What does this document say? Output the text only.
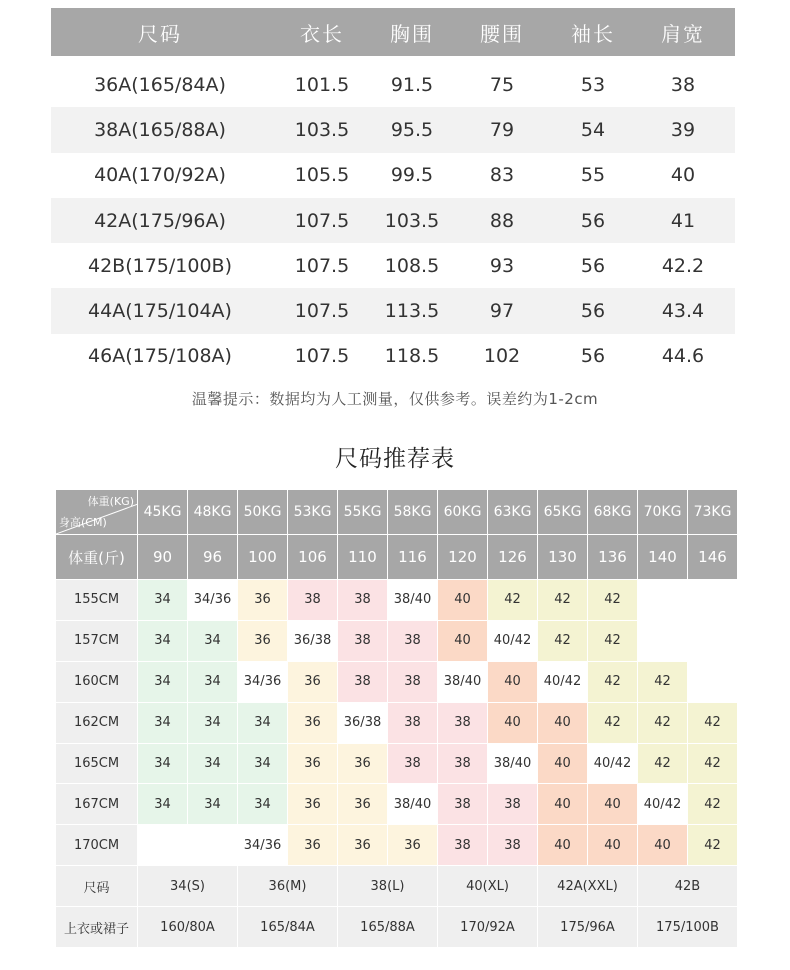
尺码	衣长	胸围	腰围	袖长	肩宽
36A(165/84A)	101.5	91.5	75	53	38
38A(165/88A)	103.5	95.5	79	54	39
40A(170/92A)	105.5	99.5	83	55	40
42A(175/96A)	107.5	103.5	88	56	41
42B(175/100B)	107.5	108.5	93	56	42.2
44A(175/104A)	107.5	113.5	97	56	43.4
46A(175/108A)	107.5	118.5	102	56	44.6
温馨提示：数据均为人工测量，仅供参考。误差约为1-2cm
尺码推荐表
体重(KG)
身高(CM)	45KG	48KG	50KG	53KG	55KG	58KG	60KG	63KG	65KG	68KG	70KG	73KG
体重(斤)	90	96	100	106	110	116	120	126	130	136	140	146
155CM	34	34/36	36	38	38	38/40	40	42	42	42		
157CM	34	34	36	36/38	38	38	40	40/42	42	42		
160CM	34	34	34/36	36	38	38	38/40	40	40/42	42	42	
162CM	34	34	34	36	36/38	38	38	40	40	42	42	42
165CM	34	34	34	36	36	38	38	38/40	40	40/42	42	42
167CM	34	34	34	36	36	38/40	38	38	40	40	40/42	42
170CM			34/36	36	36	36	38	38	40	40	40	42
尺码	34(S)		36(M)		38(L)		40(XL)		42A(XXL)		42B	
上衣或裙子	160/80A		165/84A		165/88A		170/92A		175/96A		175/100B	
